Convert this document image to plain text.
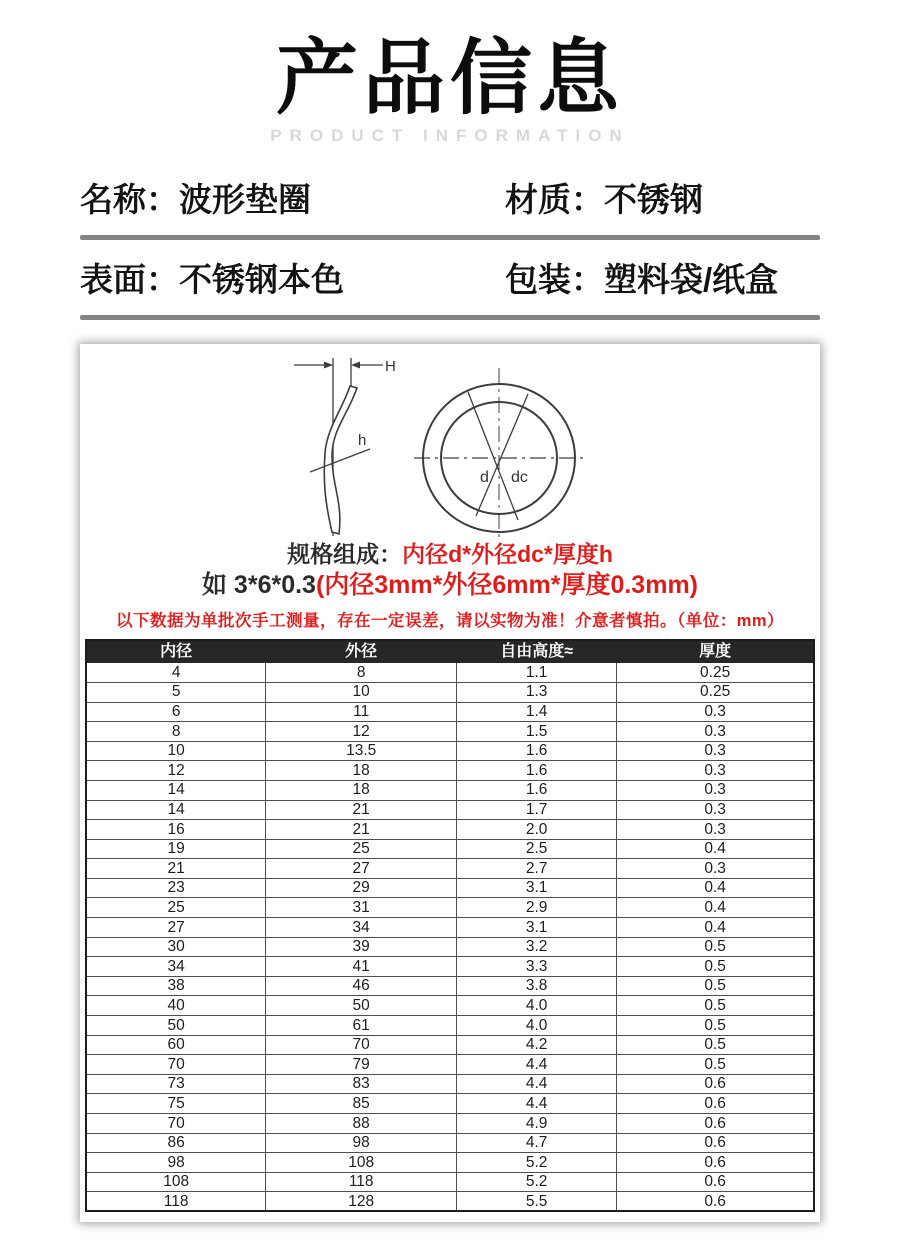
产品信息
PRODUCT INFORMATION
名称：波形垫圈	材质：不锈钢
表面：不锈钢本色	包装：塑料袋/纸盒
H
h
d dc
规格组成：内径d*外径dc*厚度h
如 3*6*0.3(内径3mm*外径6mm*厚度0.3mm)
以下数据为单批次手工测量，存在一定误差，请以实物为准！介意者慎拍。（单位：mm）
内径	外径	自由高度≈	厚度
4	8	1.1	0.25
5	10	1.3	0.25
6	11	1.4	0.3
8	12	1.5	0.3
10	13.5	1.6	0.3
12	18	1.6	0.3
14	18	1.6	0.3
14	21	1.7	0.3
16	21	2.0	0.3
19	25	2.5	0.4
21	27	2.7	0.3
23	29	3.1	0.4
25	31	2.9	0.4
27	34	3.1	0.4
30	39	3.2	0.5
34	41	3.3	0.5
38	46	3.8	0.5
40	50	4.0	0.5
50	61	4.0	0.5
60	70	4.2	0.5
70	79	4.4	0.5
73	83	4.4	0.6
75	85	4.4	0.6
70	88	4.9	0.6
86	98	4.7	0.6
98	108	5.2	0.6
108	118	5.2	0.6
118	128	5.5	0.6
